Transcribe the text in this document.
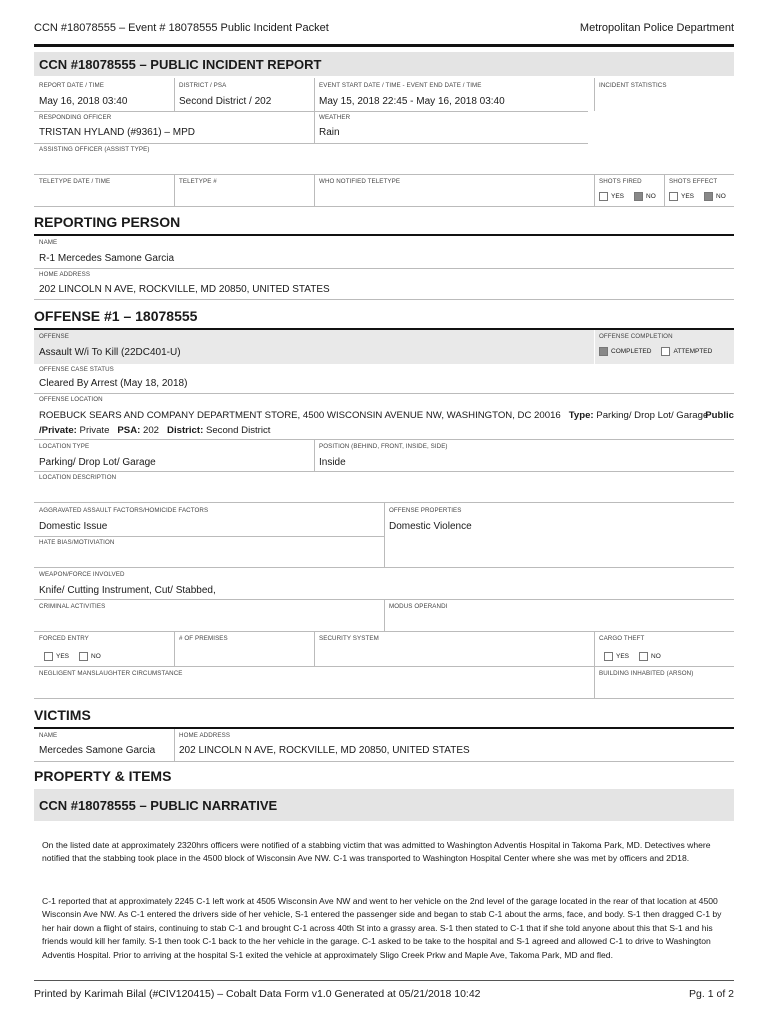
CCN #18078555 – Event # 18078555 Public Incident Packet	Metropolitan Police Department
CCN #18078555 – PUBLIC INCIDENT REPORT
REPORT DATE / TIME
May 16, 2018 03:40
DISTRICT / PSA
Second District / 202
EVENT START DATE / TIME - EVENT END DATE / TIME
May 15, 2018 22:45 - May 16, 2018 03:40
INCIDENT STATISTICS
RESPONDING OFFICER
TRISTAN HYLAND (#9361) – MPD
WEATHER
Rain
ASSISTING OFFICER (ASSIST TYPE)
TELETYPE DATE / TIME	TELETYPE #	WHO NOTIFIED TELETYPE	SHOTS FIRED	SHOTS EFFECT
YES	NO	YES	NO
REPORTING PERSON
NAME
R-1 Mercedes Samone Garcia
HOME ADDRESS
202 LINCOLN N AVE, ROCKVILLE, MD 20850, UNITED STATES
OFFENSE #1 – 18078555
OFFENSE
Assault W/i To Kill (22DC401-U)
OFFENSE COMPLETION
COMPLETED	ATTEMPTED
OFFENSE CASE STATUS
Cleared By Arrest (May 18, 2018)
OFFENSE LOCATION
ROEBUCK SEARS AND COMPANY DEPARTMENT STORE, 4500 WISCONSIN AVENUE NW, WASHINGTON, DC 20016 Type: Parking/ Drop Lot/ Garage
Public
/Private: Private PSA: 202 District: Second District
LOCATION TYPE
Parking/ Drop Lot/ Garage
POSITION (BEHIND, FRONT, INSIDE, SIDE)
Inside
LOCATION DESCRIPTION
AGGRAVATED ASSAULT FACTORS/HOMICIDE FACTORS
Domestic Issue
OFFENSE PROPERTIES
Domestic Violence
HATE BIAS/MOTIVIATION
WEAPON/FORCE INVOLVED
Knife/ Cutting Instrument, Cut/ Stabbed,
CRIMINAL ACTIVITIES	MODUS OPERANDI
FORCED ENTRY
YES	NO
# OF PREMISES	SECURITY SYSTEM	CARGO THEFT
YES	NO
NEGLIGENT MANSLAUGHTER CIRCUMSTANCE	BUILDING INHABITED (ARSON)
VICTIMS
NAME
Mercedes Samone Garcia
HOME ADDRESS
202 LINCOLN N AVE, ROCKVILLE, MD 20850, UNITED STATES
PROPERTY & ITEMS
CCN #18078555 – PUBLIC NARRATIVE
On the listed date at approximately 2320hrs officers were notified of a stabbing victim that was admitted to Washington Adventis Hospital in Takoma Park, MD. Detectives where notified that the stabbing took place in the 4500 block of Wisconsin Ave NW. C-1 was transported to Washington Hospital Center where she was met by officers and 2D18.
C-1 reported that at approximately 2245 C-1 left work at 4505 Wisconsin Ave NW and went to her vehicle on the 2nd level of the garage located in the rear of that location at 4500 Wisconsin Ave NW. As C-1 entered the drivers side of her vehicle, S-1 entered the passenger side and began to stab C-1 about the arms, face, and body. S-1 then dragged C-1 by her hair down a flight of stairs, continuing to stab C-1 and brought C-1 across 40th St into a grassy area. S-1 then stated to C-1 that if she told anyone about this that S-1 and his friends would kill her family. S-1 then took C-1 back to the her vehicle in the garage. C-1 asked to be take to the hospital and S-1 agreed and allowed C-1 to drive to Washington Adventis Hospital. Prior to arriving at the hospital S-1 exited the vehicle at approximately Sligo Creek Prkw and Maple Ave, Takoma Park, MD and fled.
Printed by Karimah Bilal (#CIV120415) – Cobalt Data Form v1.0 Generated at 05/21/2018 10:42	Pg. 1 of 2
